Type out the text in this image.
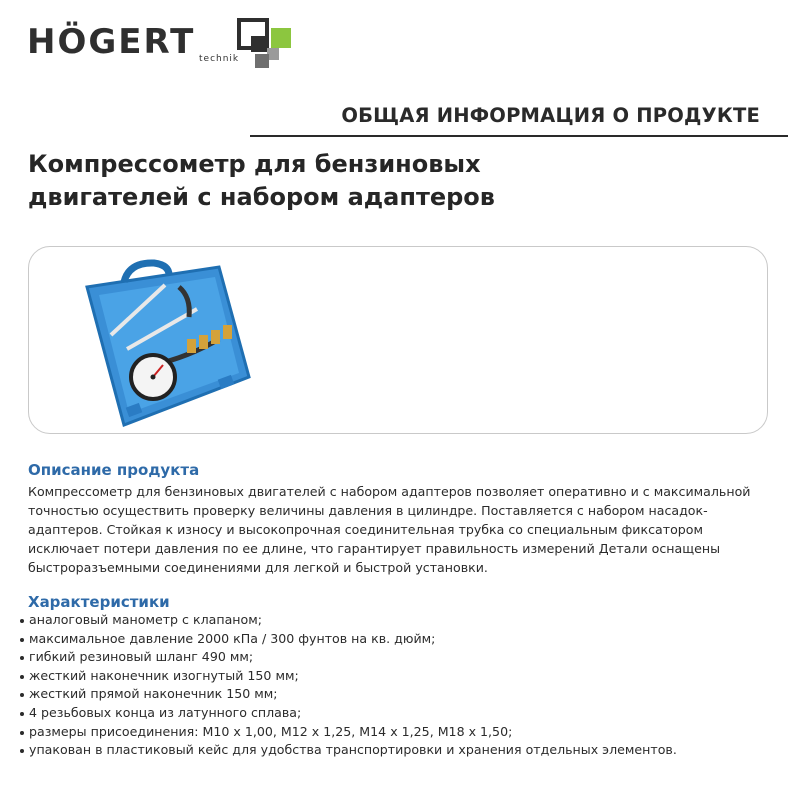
HÖGERT technik
ОБЩАЯ ИНФОРМАЦИЯ О ПРОДУКТЕ
Компрессометр для бензиновых
двигателей с набором адаптеров
Описание продукта
Компрессометр для бензиновых двигателей с набором адаптеров позволяет оперативно и с максимальной точностью осуществить проверку величины давления в цилиндре. Поставляется с набором насадок-адаптеров. Стойкая к износу и высокопрочная соединительная трубка со специальным фиксатором исключает потери давления по ее длине, что гарантирует правильность измерений Детали оснащены быстроразъемными соединениями для легкой и быстрой установки.
Характеристики
аналоговый манометр с клапаном;
максимальное давление 2000 кПа / 300 фунтов на кв. дюйм;
гибкий резиновый шланг 490 мм;
жесткий наконечник изогнутый 150 мм;
жесткий прямой наконечник 150 мм;
4 резьбовых конца из латунного сплава;
размеры присоединения: M10 x 1,00, M12 x 1,25, M14 x 1,25, M18 x 1,50;
упакован в пластиковый кейс для удобства транспортировки и хранения отдельных элементов.
